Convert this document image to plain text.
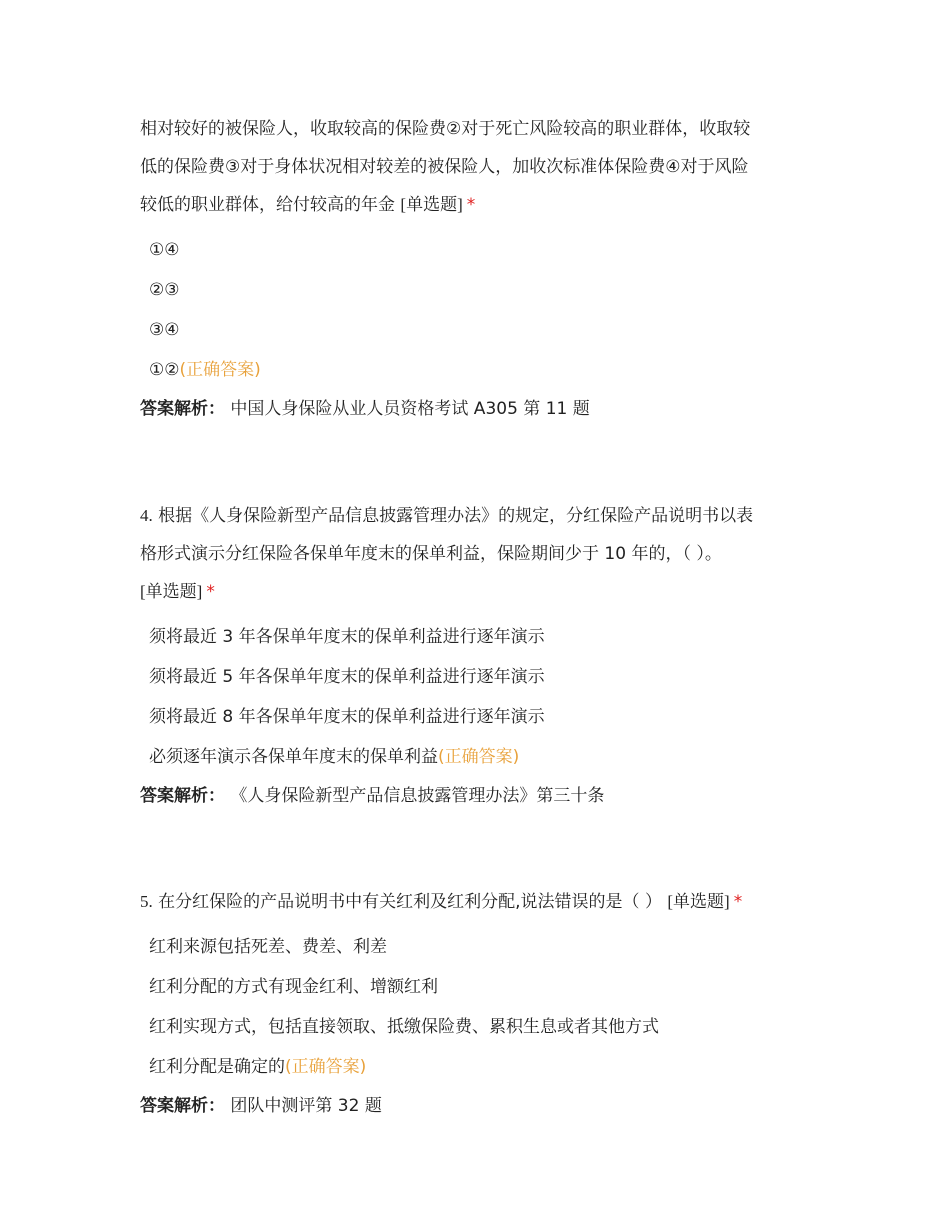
相对较好的被保险人，收取较高的保险费②对于死亡风险较高的职业群体，收取较
低的保险费③对于身体状况相对较差的被保险人，加收次标准体保险费④对于风险
较低的职业群体，给付较高的年金 [单选题] *

①④
②③
③④
①②(正确答案)
答案解析： 中国人身保险从业人员资格考试 A305 第 11 题

4. 根据《人身保险新型产品信息披露管理办法》的规定，分红保险产品说明书以表
格形式演示分红保险各保单年度末的保单利益，保险期间少于 10 年的，（ ）。
[单选题] *

须将最近 3 年各保单年度末的保单利益进行逐年演示
须将最近 5 年各保单年度末的保单利益进行逐年演示
须将最近 8 年各保单年度末的保单利益进行逐年演示
必须逐年演示各保单年度末的保单利益(正确答案)
答案解析： 《人身保险新型产品信息披露管理办法》第三十条

5. 在分红保险的产品说明书中有关红利及红利分配,说法错误的是（ ） [单选题] *

红利来源包括死差、费差、利差
红利分配的方式有现金红利、增额红利
红利实现方式，包括直接领取、抵缴保险费、累积生息或者其他方式
红利分配是确定的(正确答案)
答案解析： 团队中测评第 32 题
